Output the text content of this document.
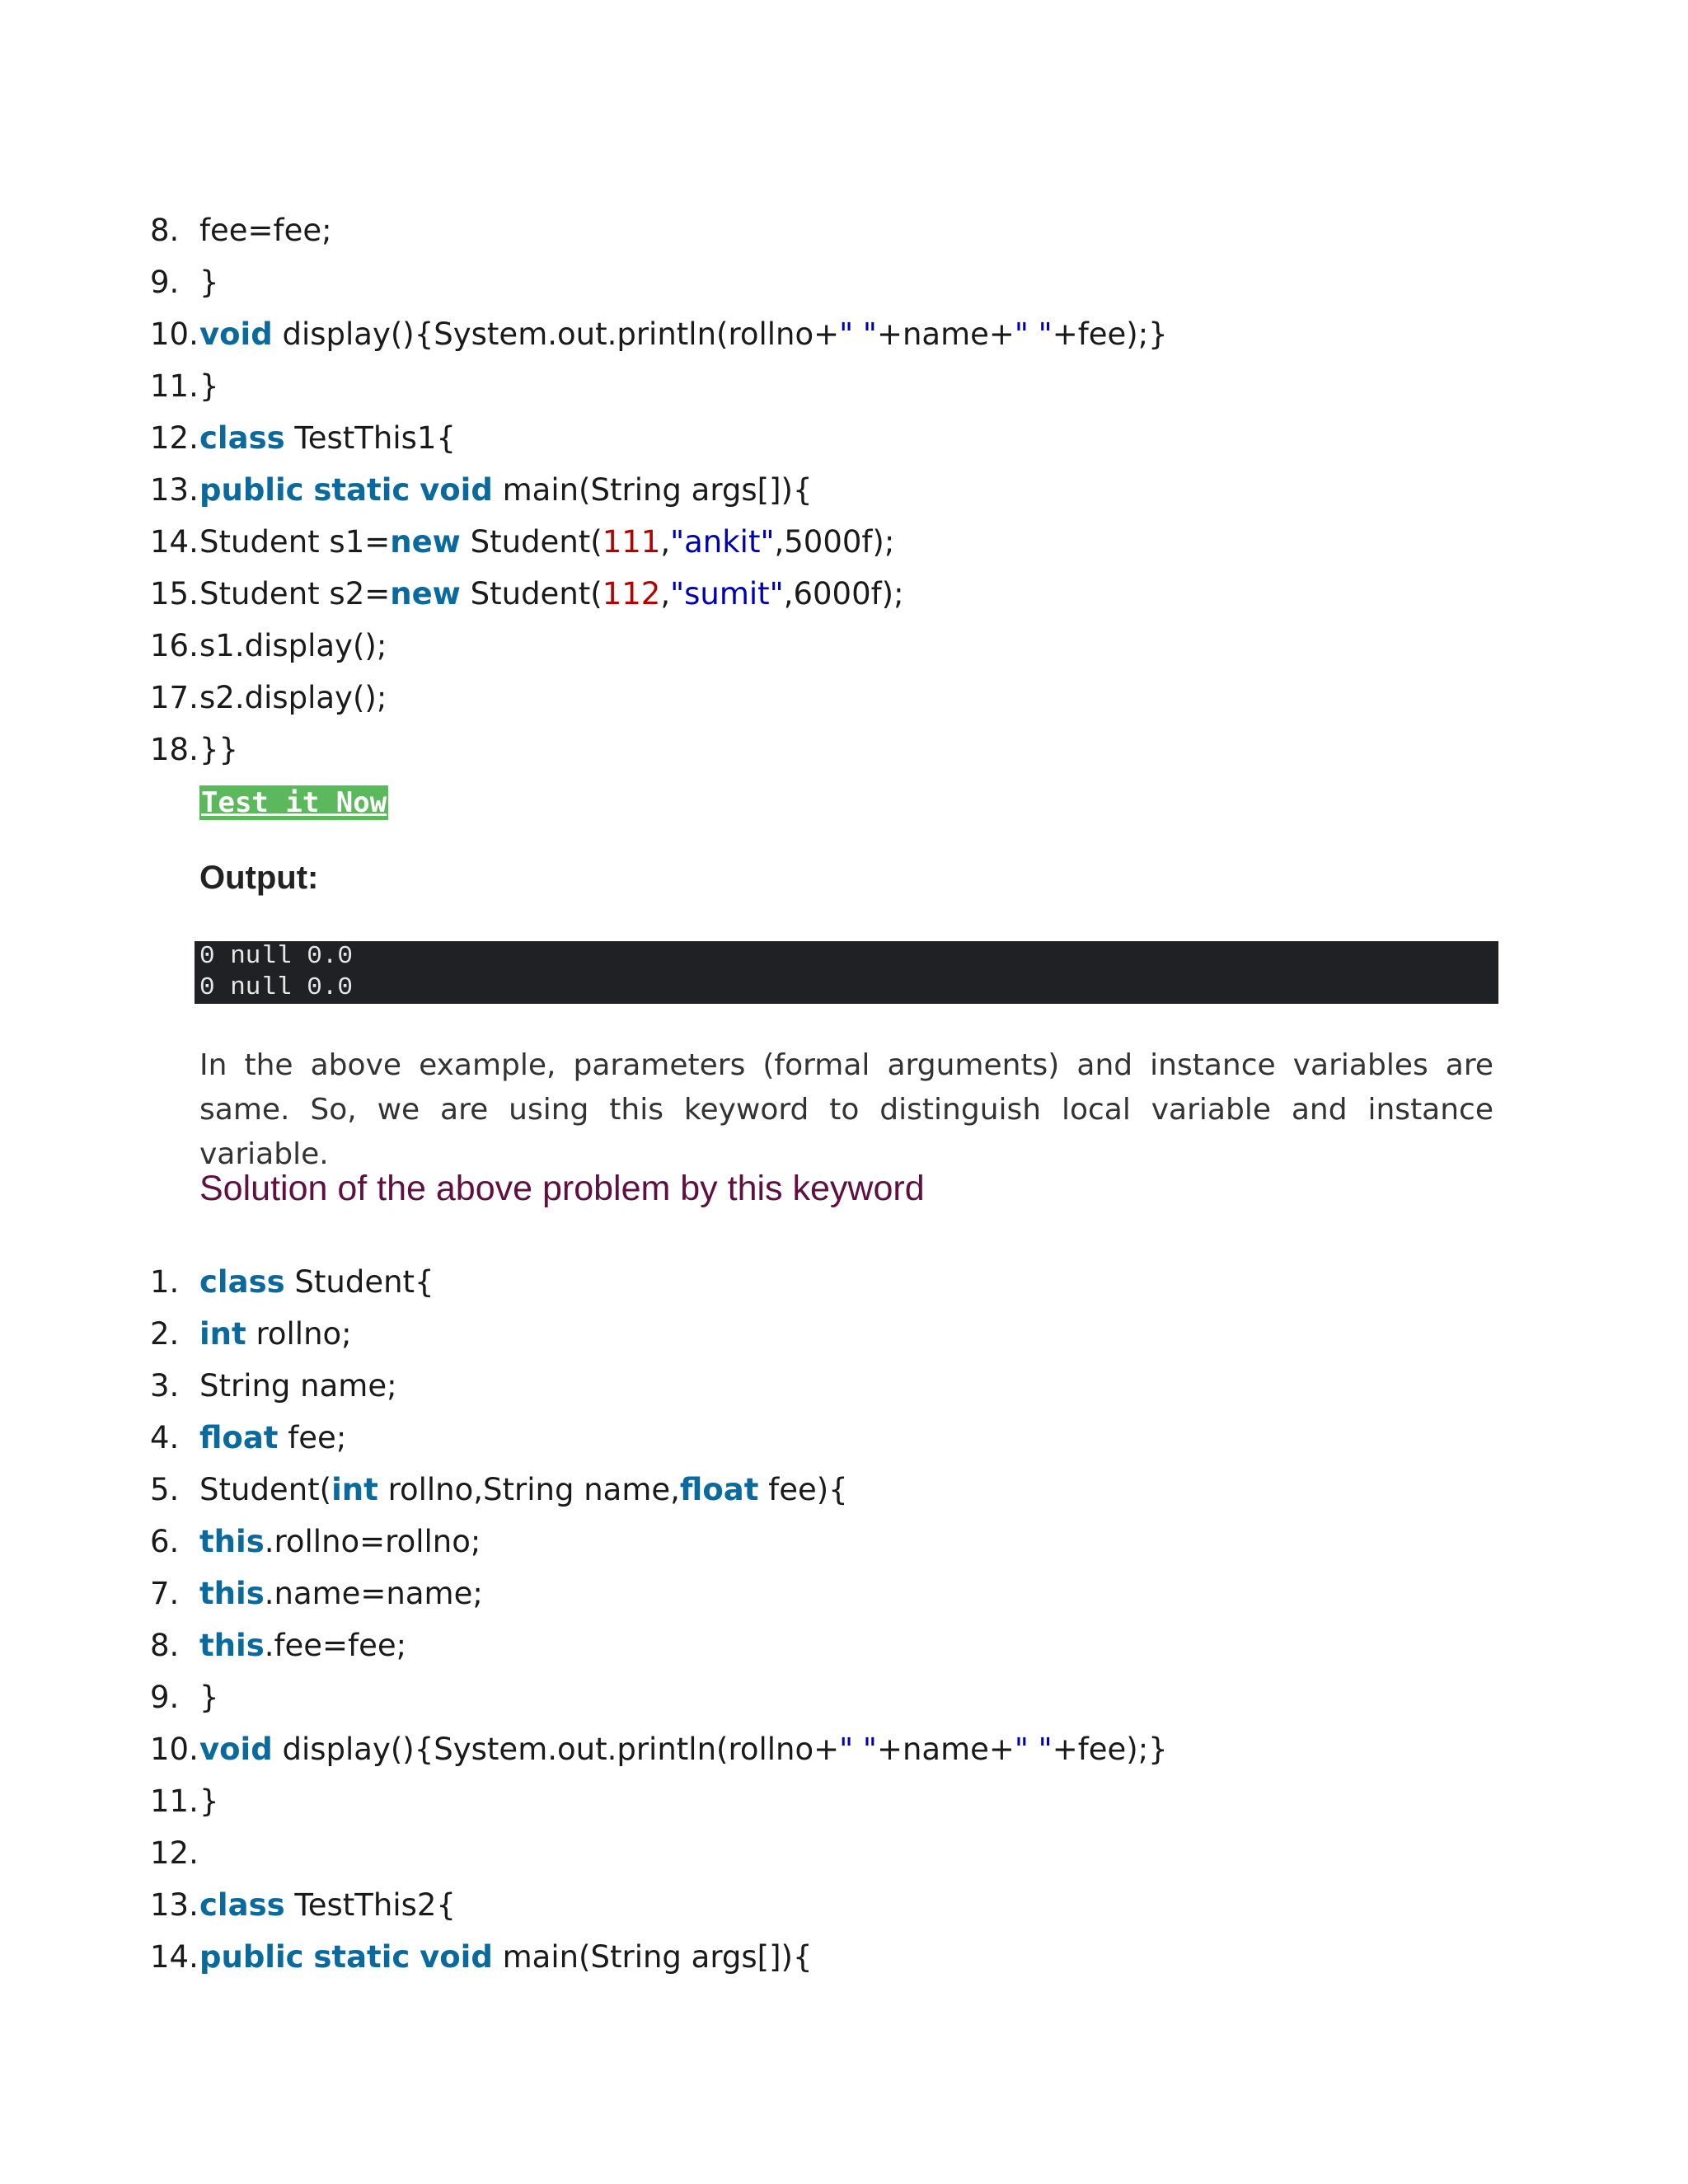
8. fee=fee;
9. }
10. void display(){System.out.println(rollno+" "+name+" "+fee);}
11. }
12. class TestThis1{
13. public static void main(String args[]){
14. Student s1=new Student(111,"ankit",5000f);
15. Student s2=new Student(112,"sumit",6000f);
16. s1.display();
17. s2.display();
18. }}
Test it Now
Output:
0 null 0.0
0 null 0.0

In the above example, parameters (formal arguments) and instance variables are same. So, we are using this keyword to distinguish local variable and instance variable.

Solution of the above problem by this keyword
1. class Student{
2. int rollno;
3. String name;
4. float fee;
5. Student(int rollno,String name,float fee){
6. this.rollno=rollno;
7. this.name=name;
8. this.fee=fee;
9. }
10. void display(){System.out.println(rollno+" "+name+" "+fee);}
11. }
12.
13. class TestThis2{
14. public static void main(String args[]){
